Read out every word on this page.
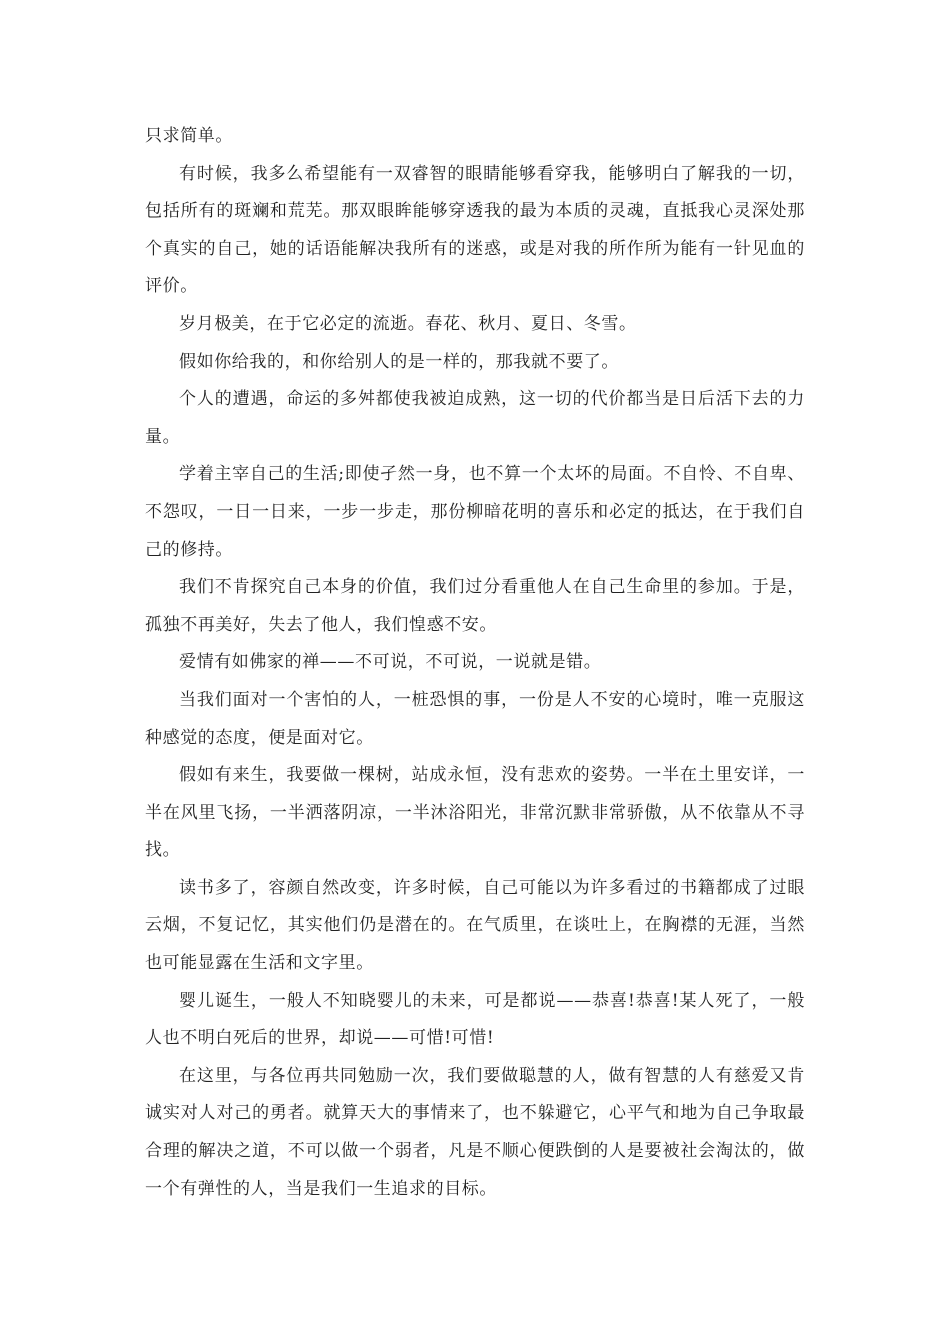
只求简单。

有时候，我多么希望能有一双睿智的眼睛能够看穿我，能够明白了解我的一切，包括所有的斑斓和荒芜。那双眼眸能够穿透我的最为本质的灵魂，直抵我心灵深处那个真实的自己，她的话语能解决我所有的迷惑，或是对我的所作所为能有一针见血的评价。

岁月极美，在于它必定的流逝。春花、秋月、夏日、冬雪。

假如你给我的，和你给别人的是一样的，那我就不要了。

个人的遭遇，命运的多舛都使我被迫成熟，这一切的代价都当是日后活下去的力量。

学着主宰自己的生活;即使孑然一身，也不算一个太坏的局面。不自怜、不自卑、不怨叹，一日一日来，一步一步走，那份柳暗花明的喜乐和必定的抵达，在于我们自己的修持。

我们不肯探究自己本身的价值，我们过分看重他人在自己生命里的参加。于是，孤独不再美好，失去了他人，我们惶惑不安。

爱情有如佛家的禅——不可说，不可说，一说就是错。

当我们面对一个害怕的人，一桩恐惧的事，一份是人不安的心境时，唯一克服这种感觉的态度，便是面对它。

假如有来生，我要做一棵树，站成永恒，没有悲欢的姿势。一半在土里安详，一半在风里飞扬，一半洒落阴凉，一半沐浴阳光，非常沉默非常骄傲，从不依靠从不寻找。

读书多了，容颜自然改变，许多时候，自己可能以为许多看过的书籍都成了过眼云烟，不复记忆，其实他们仍是潜在的。在气质里，在谈吐上，在胸襟的无涯，当然也可能显露在生活和文字里。

婴儿诞生，一般人不知晓婴儿的未来，可是都说——恭喜!恭喜!某人死了，一般人也不明白死后的世界，却说——可惜!可惜!

在这里，与各位再共同勉励一次，我们要做聪慧的人，做有智慧的人有慈爱又肯诚实对人对己的勇者。就算天大的事情来了，也不躲避它，心平气和地为自己争取最合理的解决之道，不可以做一个弱者，凡是不顺心便跌倒的人是要被社会淘汰的，做一个有弹性的人，当是我们一生追求的目标。
